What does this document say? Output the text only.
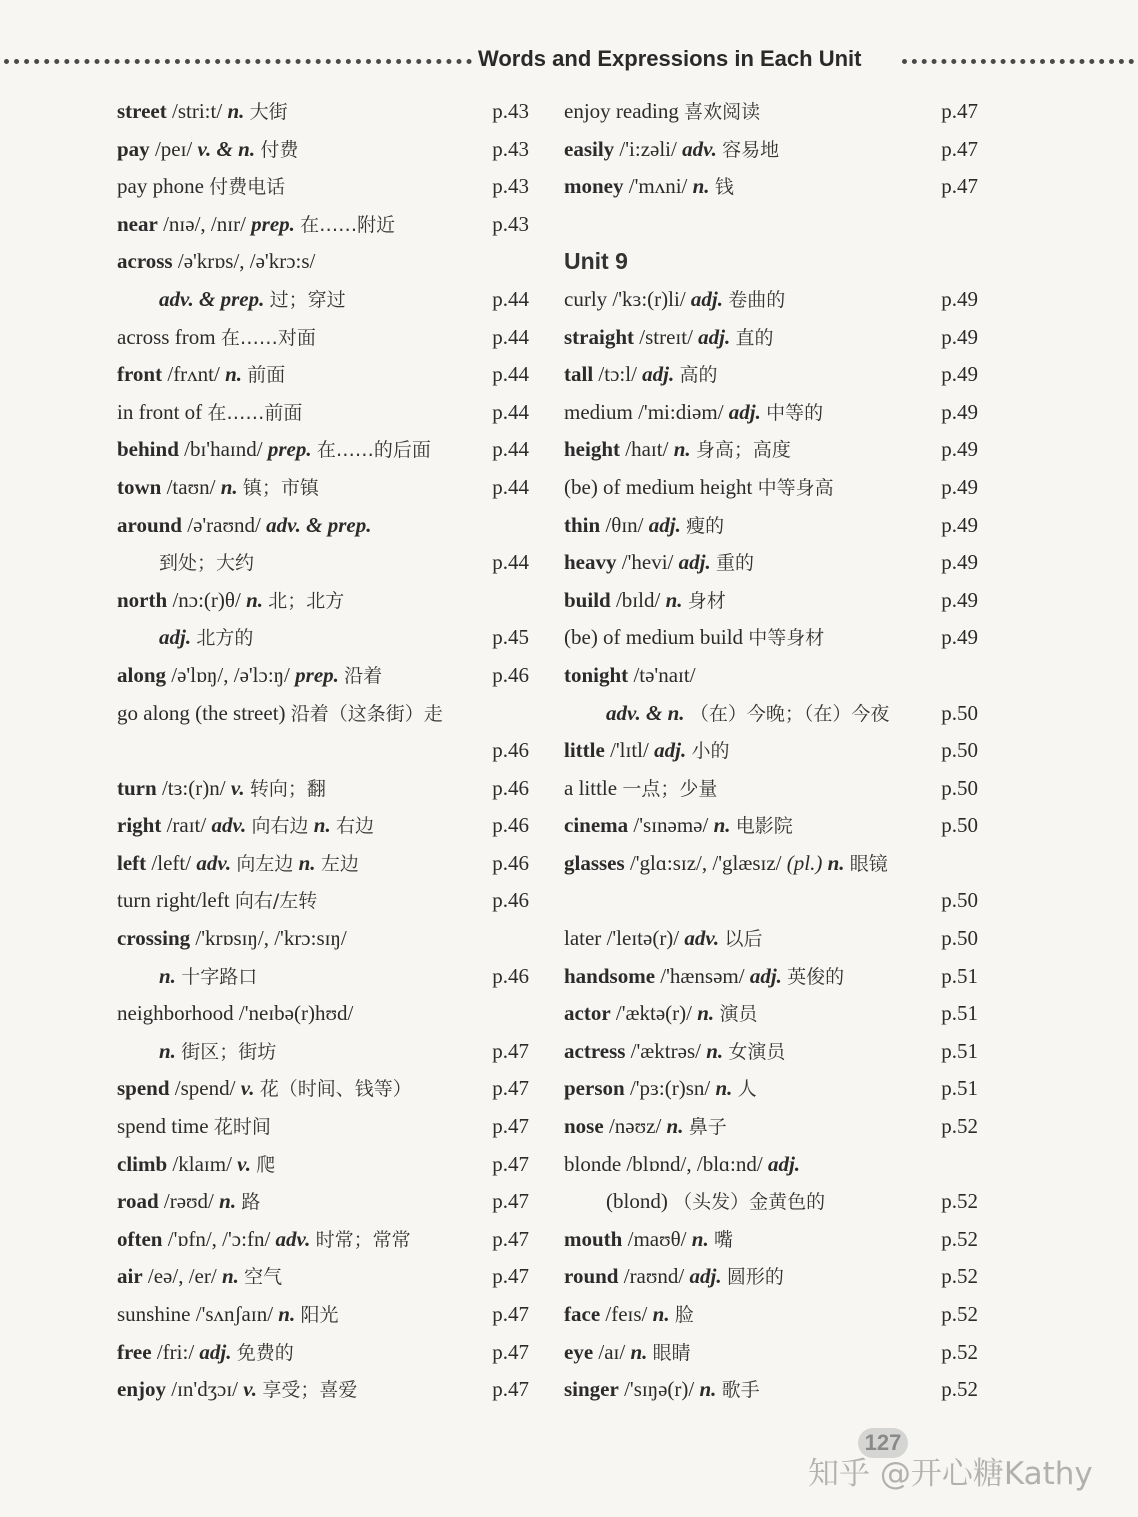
Words and Expressions in Each Unit
street /stri:t/ n. 大街	p.43
pay /peɪ/ v. & n. 付费	p.43
pay phone 付费电话	p.43
near /nɪə/, /nɪr/ prep. 在……附近	p.43
across /ə'krɒs/, /ə'krɔ:s/
adv. & prep. 过；穿过	p.44
across from 在……对面	p.44
front /frʌnt/ n. 前面	p.44
in front of 在……前面	p.44
behind /bɪ'haɪnd/ prep. 在……的后面	p.44
town /taʊn/ n. 镇；市镇	p.44
around /ə'raʊnd/ adv. & prep.
到处；大约	p.44
north /nɔ:(r)θ/ n. 北；北方
adj. 北方的	p.45
along /ə'lɒŋ/, /ə'lɔ:ŋ/ prep. 沿着	p.46
go along (the street) 沿着（这条街）走
p.46
turn /tɜ:(r)n/ v. 转向；翻	p.46
right /raɪt/ adv. 向右边 n. 右边	p.46
left /left/ adv. 向左边 n. 左边	p.46
turn right/left 向右/左转	p.46
crossing /'krɒsɪŋ/, /'krɔ:sɪŋ/
n. 十字路口	p.46
neighborhood /'neɪbə(r)hʊd/
n. 街区；街坊	p.47
spend /spend/ v. 花（时间、钱等）	p.47
spend time 花时间	p.47
climb /klaɪm/ v. 爬	p.47
road /rəʊd/ n. 路	p.47
often /'ɒfn/, /'ɔ:fn/ adv. 时常；常常	p.47
air /eə/, /er/ n. 空气	p.47
sunshine /'sʌnʃaɪn/ n. 阳光	p.47
free /fri:/ adj. 免费的	p.47
enjoy /ɪn'dʒɔɪ/ v. 享受；喜爱	p.47
enjoy reading 喜欢阅读	p.47
easily /'i:zəli/ adv. 容易地	p.47
money /'mʌni/ n. 钱	p.47
Unit 9
curly /'kɜ:(r)li/ adj. 卷曲的	p.49
straight /streɪt/ adj. 直的	p.49
tall /tɔ:l/ adj. 高的	p.49
medium /'mi:diəm/ adj. 中等的	p.49
height /haɪt/ n. 身高；高度	p.49
(be) of medium height 中等身高	p.49
thin /θɪn/ adj. 瘦的	p.49
heavy /'hevi/ adj. 重的	p.49
build /bɪld/ n. 身材	p.49
(be) of medium build 中等身材	p.49
tonight /tə'naɪt/
adv. & n. （在）今晚；（在）今夜 p.50
little /'lɪtl/ adj. 小的	p.50
a little 一点；少量	p.50
cinema /'sɪnəmə/ n. 电影院	p.50
glasses /'glɑ:sɪz/, /'glæsɪz/ (pl.) n. 眼镜
p.50
later /'leɪtə(r)/ adv. 以后	p.50
handsome /'hænsəm/ adj. 英俊的	p.51
actor /'æktə(r)/ n. 演员	p.51
actress /'æktrəs/ n. 女演员	p.51
person /'pɜ:(r)sn/ n. 人	p.51
nose /nəʊz/ n. 鼻子	p.52
blonde /blɒnd/, /blɑ:nd/ adj.
(blond) （头发）金黄色的	p.52
mouth /maʊθ/ n. 嘴	p.52
round /raʊnd/ adj. 圆形的	p.52
face /feɪs/ n. 脸	p.52
eye /aɪ/ n. 眼睛	p.52
singer /'sɪŋə(r)/ n. 歌手	p.52
127
知乎 @开心糖Kathy
